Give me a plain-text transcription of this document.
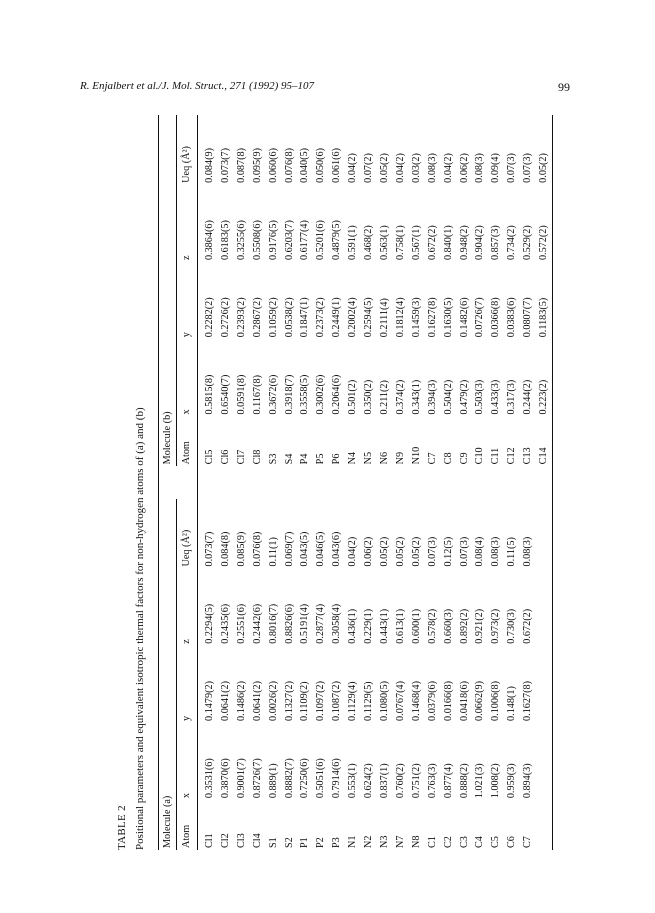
R. Enjalbert et al./J. Mol. Struct., 271 (1992) 95–107	99
TABLE 2 Positional parameters and equivalent isotropic thermal factors for non-hydrogen atoms of (a) and (b) Molecule (a)						Molecule (b)				
Atom	x	y	z	Ueq (Å²)		Atom	x	y	z	Ueq (Å²)
Cl1	0.3531(6)	0.1479(2)	0.2294(5)	0.073(7)		Cl5	0.5815(8)	0.2282(2)	0.3864(6)	0.084(9)
Cl2	0.3870(6)	0.0641(2)	0.2435(6)	0.084(8)		Cl6	0.6540(7)	0.2726(2)	0.6183(5)	0.073(7)
Cl3	0.9001(7)	0.1486(2)	0.2551(6)	0.085(9)		Cl7	0.0591(8)	0.2393(2)	0.3255(6)	0.087(8)
Cl4	0.8726(7)	0.0641(2)	0.2442(6)	0.076(8)		Cl8	0.1167(8)	0.2867(2)	0.5508(6)	0.095(9)
S1	0.889(1)	0.0026(2)	0.8016(7)	0.11(1)		S3	0.3672(6)	0.1059(2)	0.9176(5)	0.060(6)
S2	0.8882(7)	0.1327(2)	0.8826(6)	0.069(7)		S4	0.3918(7)	0.0538(2)	0.6203(7)	0.076(8)
P1	0.7250(6)	0.1109(2)	0.5191(4)	0.043(5)		P4	0.3558(5)	0.1847(1)	0.6177(4)	0.040(5)
P2	0.5051(6)	0.1097(2)	0.2877(4)	0.046(5)		P5	0.3002(6)	0.2373(2)	0.5201(6)	0.050(6)
P3	0.7914(6)	0.1087(2)	0.3058(4)	0.043(6)		P6	0.2064(6)	0.2449(1)	0.4879(5)	0.061(6)
N1	0.553(1)	0.1129(4)	0.436(1)	0.04(2)		N4	0.501(2)	0.2002(4)	0.591(1)	0.04(2)
N2	0.624(2)	0.1129(5)	0.229(1)	0.06(2)		N5	0.350(2)	0.2594(5)	0.468(2)	0.07(2)
N3	0.837(1)	0.1080(5)	0.443(1)	0.05(2)		N6	0.211(2)	0.2111(4)	0.563(1)	0.05(2)
N7	0.760(2)	0.0767(4)	0.613(1)	0.05(2)		N9	0.374(2)	0.1812(4)	0.758(1)	0.04(2)
N8	0.751(2)	0.1468(4)	0.600(1)	0.05(2)		N10	0.343(1)	0.1459(3)	0.567(1)	0.03(2)
C1	0.763(3)	0.0379(6)	0.578(2)	0.07(3)		C7	0.394(3)	0.1627(8)	0.672(2)	0.08(3)
C2	0.877(4)	0.0166(8)	0.660(3)	0.12(5)		C8	0.504(2)	0.1630(5)	0.840(1)	0.04(2)
C3	0.888(2)	0.0418(6)	0.892(2)	0.07(3)		C9	0.479(2)	0.1482(6)	0.948(2)	0.06(2)
C4	1.021(3)	0.0662(9)	0.921(2)	0.08(4)		C10	0.503(3)	0.0726(7)	0.904(2)	0.08(3)
C5	1.008(2)	0.1006(8)	0.973(2)	0.08(3)		C11	0.433(3)	0.0366(8)	0.857(3)	0.09(4)
C6	0.959(3)	0.148(1)	0.730(3)	0.11(5)		C12	0.317(3)	0.0383(6)	0.734(2)	0.07(3)
C7	0.894(3)	0.1627(8)	0.672(2)	0.08(3)		C13	0.244(2)	0.0807(7)	0.529(2)	0.07(3)
						C14	0.223(2)	0.1183(5)	0.572(2)	0.05(2)
